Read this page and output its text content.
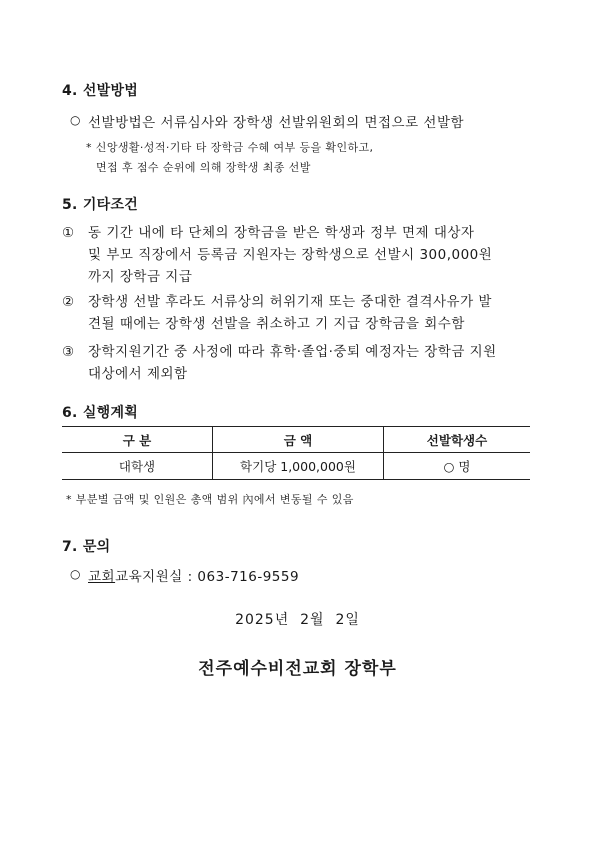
4. 선발방법
○ 선발방법은 서류심사와 장학생 선발위원회의 면접으로 선발함
* 신앙생활·성적·기타 타 장학금 수혜 여부 등을 확인하고,
면접 후 점수 순위에 의해 장학생 최종 선발
5. 기타조건
① 동 기간 내에 타 단체의 장학금을 받은 학생과 정부 면제 대상자
및 부모 직장에서 등록금 지원자는 장학생으로 선발시 300,000원
까지 장학금 지급
② 장학생 선발 후라도 서류상의 허위기재 또는 중대한 결격사유가 발
견될 때에는 장학생 선발을 취소하고 기 지급 장학금을 회수함
③ 장학지원기간 중 사정에 따라 휴학·졸업·중퇴 예정자는 장학금 지원
대상에서 제외함
6. 실행계획
구 분	금 액	선발학생수
대학생	학기당 1,000,000원	○ 명
* 부분별 금액 및 인원은 총액 범위 內에서 변동될 수 있음
7. 문의
○ 교회교육지원실 : 063-716-9559
2025년  2월  2일
전주예수비전교회 장학부
